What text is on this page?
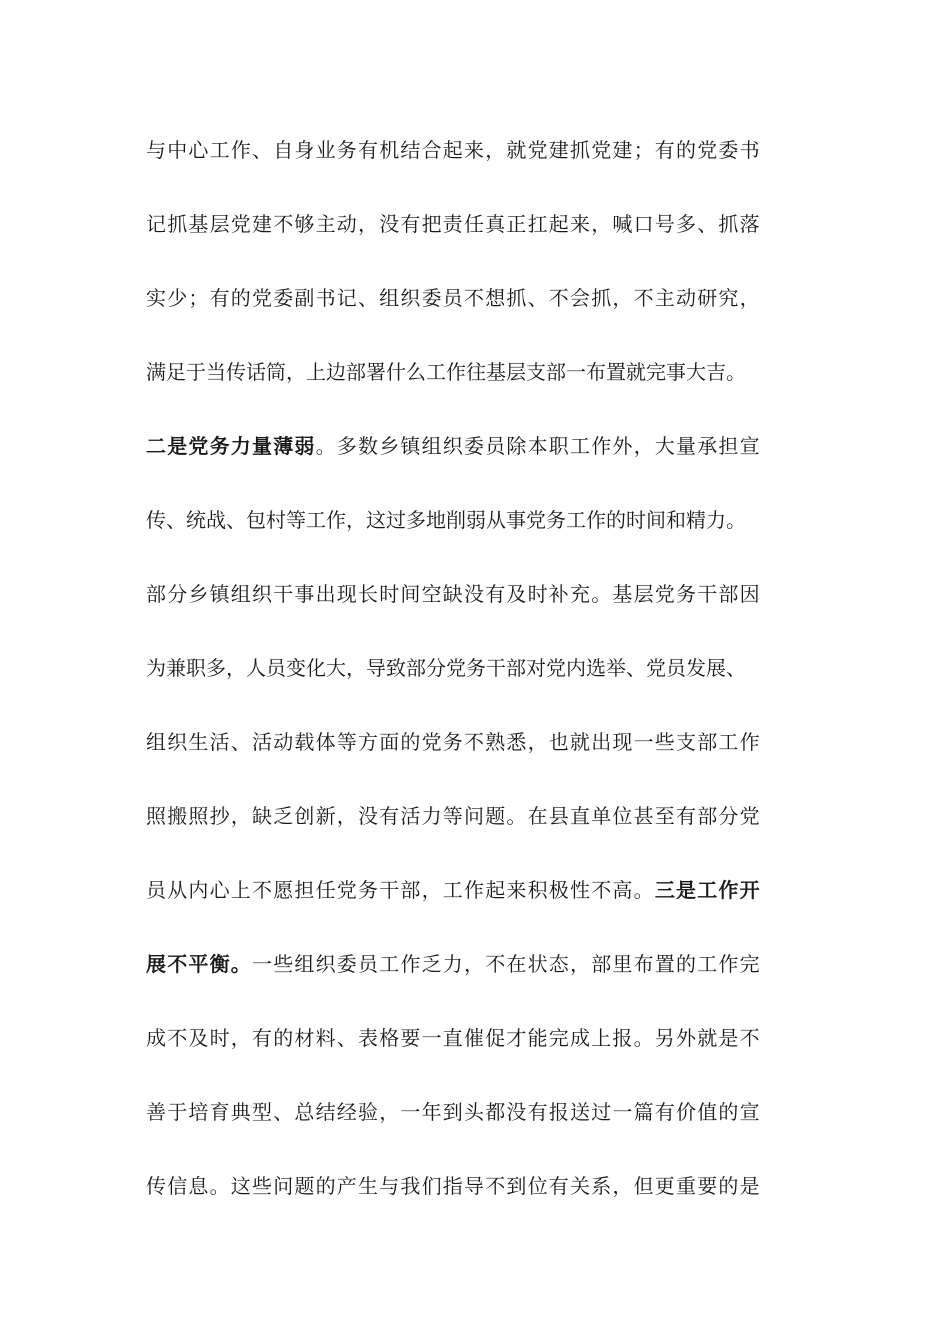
与中心工作、自身业务有机结合起来，就党建抓党建；有的党委书
记抓基层党建不够主动，没有把责任真正扛起来，喊口号多、抓落
实少；有的党委副书记、组织委员不想抓、不会抓，不主动研究，
满足于当传话筒，上边部署什么工作往基层支部一布置就完事大吉。
二是党务力量薄弱。多数乡镇组织委员除本职工作外，大量承担宣
传、统战、包村等工作，这过多地削弱从事党务工作的时间和精力。
部分乡镇组织干事出现长时间空缺没有及时补充。基层党务干部因
为兼职多，人员变化大，导致部分党务干部对党内选举、党员发展、
组织生活、活动载体等方面的党务不熟悉，也就出现一些支部工作
照搬照抄，缺乏创新，没有活力等问题。在县直单位甚至有部分党
员从内心上不愿担任党务干部，工作起来积极性不高。三是工作开
展不平衡。一些组织委员工作乏力，不在状态，部里布置的工作完
成不及时，有的材料、表格要一直催促才能完成上报。另外就是不
善于培育典型、总结经验，一年到头都没有报送过一篇有价值的宣
传信息。这些问题的产生与我们指导不到位有关系，但更重要的是
